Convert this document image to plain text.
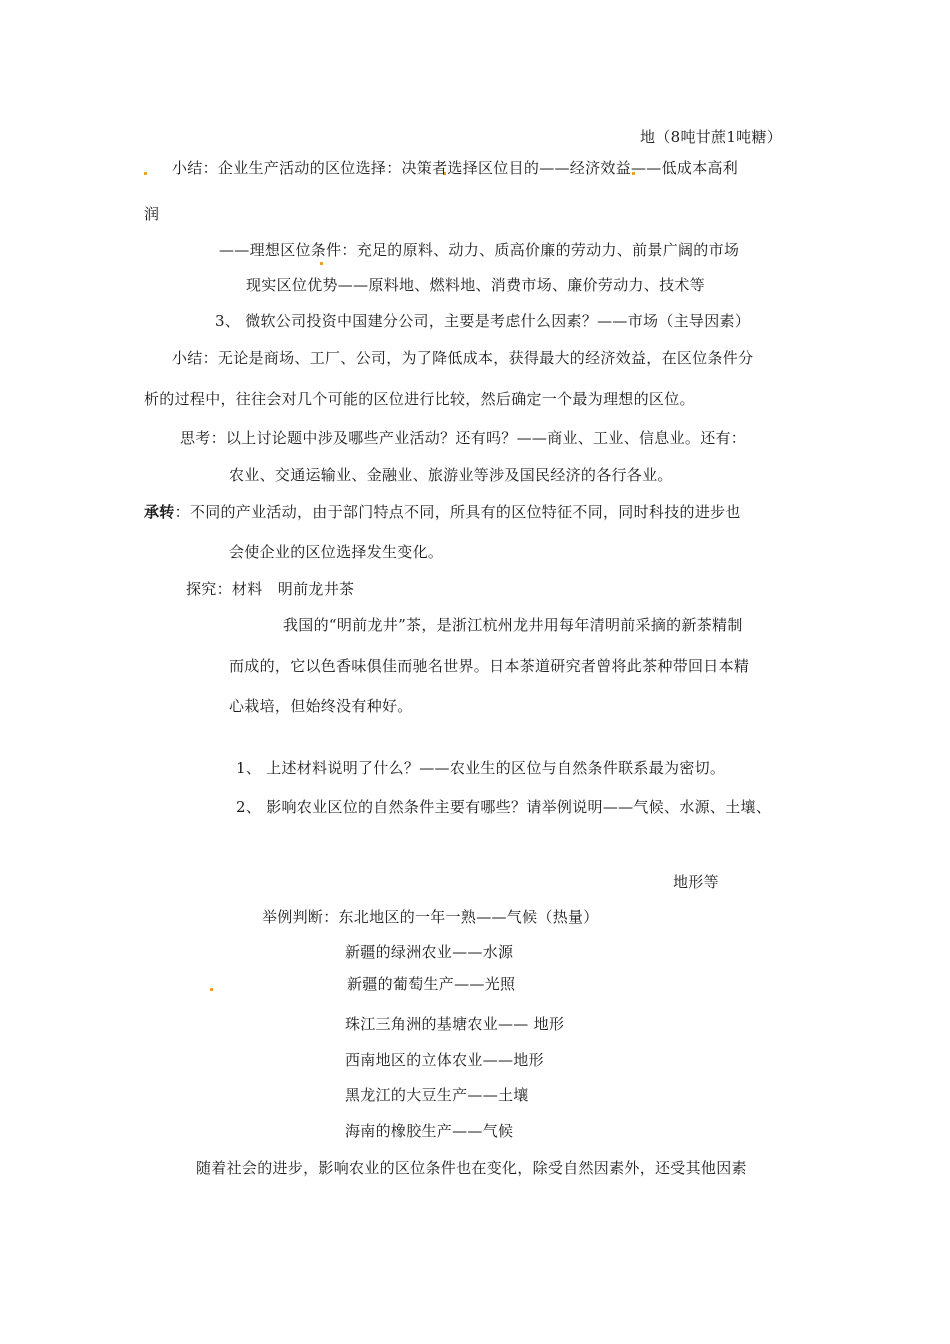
地（8吨甘蔗1吨糖）
小结：企业生产活动的区位选择：决策者选择区位目的——经济效益——低成本高利
润
——理想区位条件：充足的原料、动力、质高价廉的劳动力、前景广阔的市场
现实区位优势——原料地、燃料地、消费市场、廉价劳动力、技术等
3、 微软公司投资中国建分公司，主要是考虑什么因素？——市场（主导因素）
小结：无论是商场、工厂、公司，为了降低成本，获得最大的经济效益，在区位条件分
析的过程中，往往会对几个可能的区位进行比较，然后确定一个最为理想的区位。
思考：以上讨论题中涉及哪些产业活动？还有吗？——商业、工业、信息业。还有：
农业、交通运输业、金融业、旅游业等涉及国民经济的各行各业。
承转：不同的产业活动，由于部门特点不同，所具有的区位特征不同，同时科技的进步也
会使企业的区位选择发生变化。
探究：材料　明前龙井茶
我国的“明前龙井”茶，是浙江杭州龙井用每年清明前采摘的新茶精制
而成的，它以色香味俱佳而驰名世界。日本茶道研究者曾将此茶种带回日本精
心栽培，但始终没有种好。
1、 上述材料说明了什么？——农业生的区位与自然条件联系最为密切。
2、 影响农业区位的自然条件主要有哪些？请举例说明——气候、水源、土壤、
地形等
举例判断：东北地区的一年一熟——气候（热量）
新疆的绿洲农业——水源
新疆的葡萄生产——光照
珠江三角洲的基塘农业—— 地形
西南地区的立体农业——地形
黑龙江的大豆生产——土壤
海南的橡胶生产——气候
随着社会的进步，影响农业的区位条件也在变化，除受自然因素外，还受其他因素
